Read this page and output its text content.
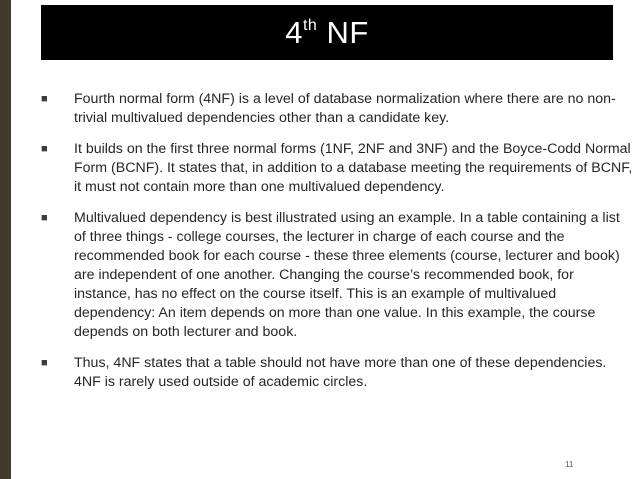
4th NF
■	Fourth normal form (4NF) is a level of database normalization where there are no non-trivial multivalued dependencies other than a candidate key.
■	It builds on the first three normal forms (1NF, 2NF and 3NF) and the Boyce-Codd Normal Form (BCNF). It states that, in addition to a database meeting the requirements of BCNF, it must not contain more than one multivalued dependency.
■	Multivalued dependency is best illustrated using an example. In a table containing a list of three things - college courses, the lecturer in charge of each course and the recommended book for each course - these three elements (course, lecturer and book) are independent of one another. Changing the course’s recommended book, for instance, has no effect on the course itself. This is an example of multivalued dependency: An item depends on more than one value. In this example, the course depends on both lecturer and book.
■	Thus, 4NF states that a table should not have more than one of these dependencies. 4NF is rarely used outside of academic circles.
11
